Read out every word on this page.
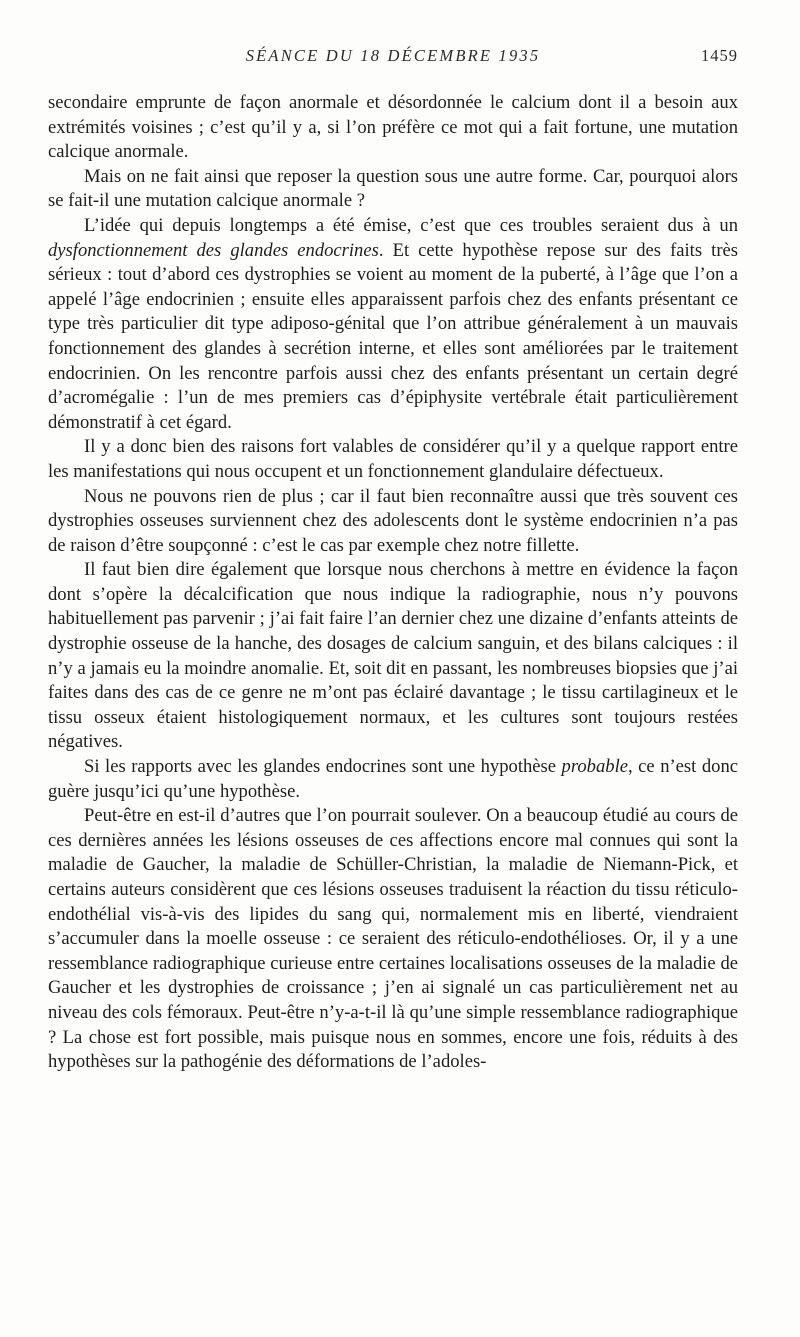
SÉANCE DU 18 DÉCEMBRE 1935	1459

secondaire emprunte de façon anormale et désordonnée le calcium dont il a besoin aux extrémités voisines ; c’est qu’il y a, si l’on préfère ce mot qui a fait fortune, une mutation calcique anormale.

Mais on ne fait ainsi que reposer la question sous une autre forme. Car, pourquoi alors se fait-il une mutation calcique anormale ?

L’idée qui depuis longtemps a été émise, c’est que ces troubles seraient dus à un dysfonctionnement des glandes endocrines. Et cette hypothèse repose sur des faits très sérieux : tout d’abord ces dystrophies se voient au moment de la puberté, à l’âge que l’on a appelé l’âge endocrinien ; ensuite elles apparaissent parfois chez des enfants présentant ce type très particulier dit type adiposo-génital que l’on attribue généralement à un mauvais fonctionnement des glandes à secrétion interne, et elles sont améliorées par le traitement endocrinien. On les rencontre parfois aussi chez des enfants présentant un certain degré d’acromégalie : l’un de mes premiers cas d’épiphysite vertébrale était particulièrement démonstratif à cet égard.

Il y a donc bien des raisons fort valables de considérer qu’il y a quelque rapport entre les manifestations qui nous occupent et un fonctionnement glandulaire défectueux.

Nous ne pouvons rien de plus ; car il faut bien reconnaître aussi que très souvent ces dystrophies osseuses surviennent chez des adolescents dont le système endocrinien n’a pas de raison d’être soupçonné : c’est le cas par exemple chez notre fillette.

Il faut bien dire également que lorsque nous cherchons à mettre en évidence la façon dont s’opère la décalcification que nous indique la radiographie, nous n’y pouvons habituellement pas parvenir ; j’ai fait faire l’an dernier chez une dizaine d’enfants atteints de dystrophie osseuse de la hanche, des dosages de calcium sanguin, et des bilans calciques : il n’y a jamais eu la moindre anomalie. Et, soit dit en passant, les nombreuses biopsies que j’ai faites dans des cas de ce genre ne m’ont pas éclairé davantage ; le tissu cartilagineux et le tissu osseux étaient histologiquement normaux, et les cultures sont toujours restées négatives.

Si les rapports avec les glandes endocrines sont une hypothèse probable, ce n’est donc guère jusqu’ici qu’une hypothèse.

Peut-être en est-il d’autres que l’on pourrait soulever. On a beaucoup étudié au cours de ces dernières années les lésions osseuses de ces affections encore mal connues qui sont la maladie de Gaucher, la maladie de Schüller-Christian, la maladie de Niemann-Pick, et certains auteurs considèrent que ces lésions osseuses traduisent la réaction du tissu réticulo-endothélial vis-à-vis des lipides du sang qui, normalement mis en liberté, viendraient s’accumuler dans la moelle osseuse : ce seraient des réticulo-endothélioses. Or, il y a une ressemblance radiographique curieuse entre certaines localisations osseuses de la maladie de Gaucher et les dystrophies de croissance ; j’en ai signalé un cas particulièrement net au niveau des cols fémoraux. Peut-être n’y-a-t-il là qu’une simple ressemblance radiographique ? La chose est fort possible, mais puisque nous en sommes, encore une fois, réduits à des hypothèses sur la pathogénie des déformations de l’adoles-
